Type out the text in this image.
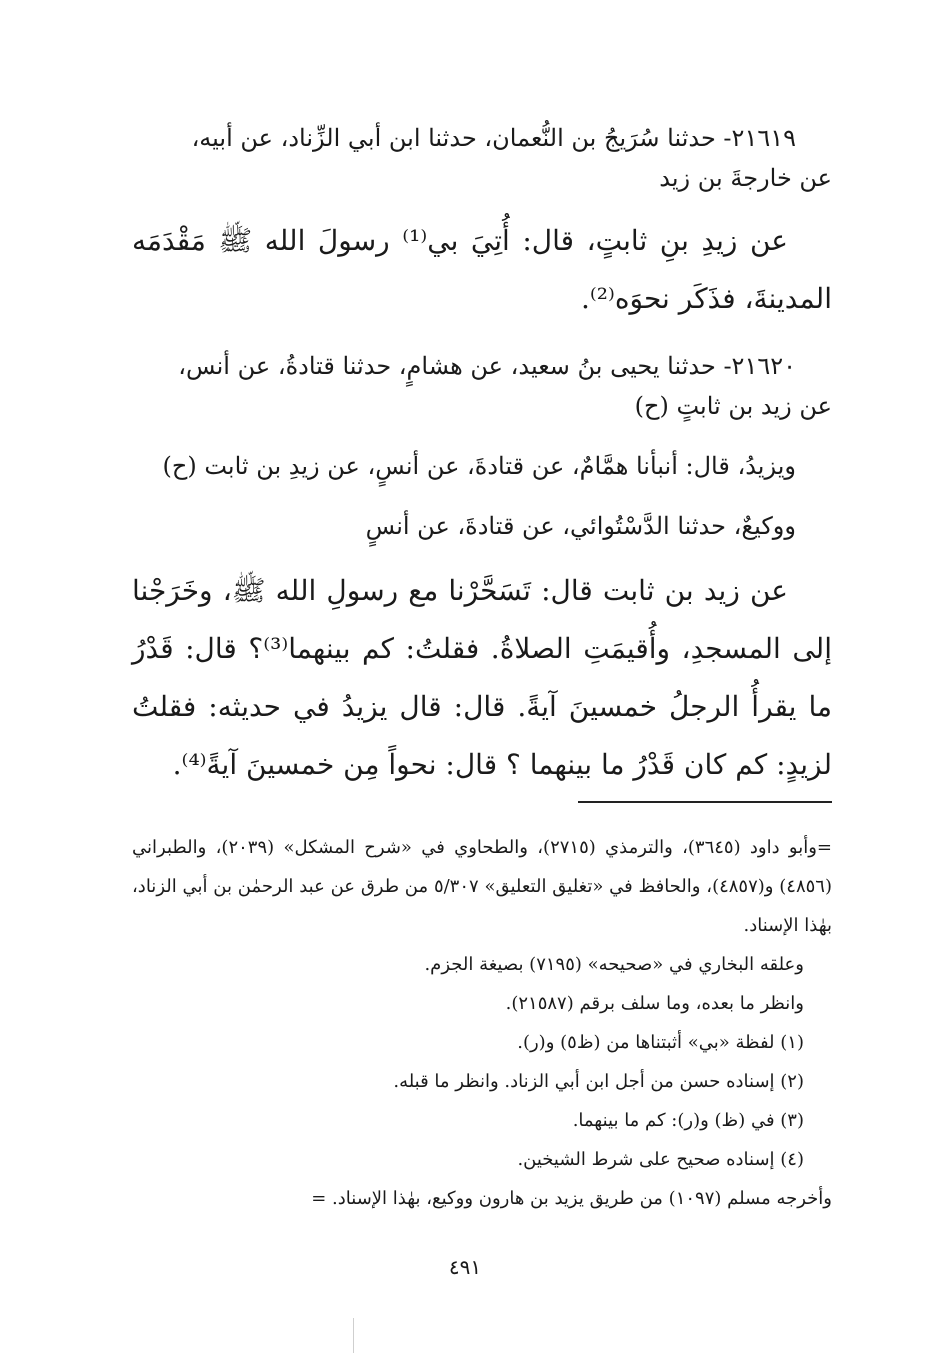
٢١٦١٩- حدثنا سُرَيجُ بن النُّعمان، حدثنا ابن أبي الزِّناد، عن أبيه،

عن خارجةَ بن زيد

عن زيدِ بنِ ثابتٍ، قال: أُتِيَ بي⁽¹⁾ رسولَ الله ﷺ مَقْدَمَه المدينةَ، فذَكَر نحوَه⁽²⁾.

٢١٦٢٠- حدثنا يحيى بنُ سعيد، عن هشامٍ، حدثنا قتادةُ، عن أنس،

عن زيد بن ثابتٍ (ح)

ويزيدُ، قال: أنبأنا همَّامٌ، عن قتادةَ، عن أنسٍ، عن زيدِ بن ثابت (ح)

ووكيعٌ، حدثنا الدَّسْتُوائي، عن قتادةَ، عن أنسٍ

عن زيد بن ثابت قال: تَسَحَّرْنا مع رسولِ الله ﷺ، وخَرَجْنا إلى المسجدِ، وأُقيمَتِ الصلاةُ. فقلتُ: كم بينهما⁽³⁾؟ قال: قَدْرُ ما يقرأُ الرجلُ خمسينَ آيةً. قال: قال يزيدُ في حديثه: فقلتُ لزيدٍ: كم كان قَدْرُ ما بينهما ؟ قال: نحواً مِن خمسينَ آيةً⁽⁴⁾.

=وأبو داود (٣٦٤٥)، والترمذي (٢٧١٥)، والطحاوي في «شرح المشكل» (٢٠٣٩)، والطبراني (٤٨٥٦) و(٤٨٥٧)، والحافظ في «تغليق التعليق» ٥/٣٠٧ من طرق عن عبد الرحمٰن بن أبي الزناد، بهٰذا الإسناد.

وعلقه البخاري في «صحيحه» (٧١٩٥) بصيغة الجزم.

وانظر ما بعده، وما سلف برقم (٢١٥٨٧).

(١) لفظة «بي» أثبتناها من (ظ٥) و(ر).

(٢) إسناده حسن من أجل ابن أبي الزناد. وانظر ما قبله.

(٣) في (ظ) و(ر): كم ما بينهما.

(٤) إسناده صحيح على شرط الشيخين.

وأخرجه مسلم (١٠٩٧) من طريق يزيد بن هارون ووكيع، بهٰذا الإسناد. =

٤٩١
